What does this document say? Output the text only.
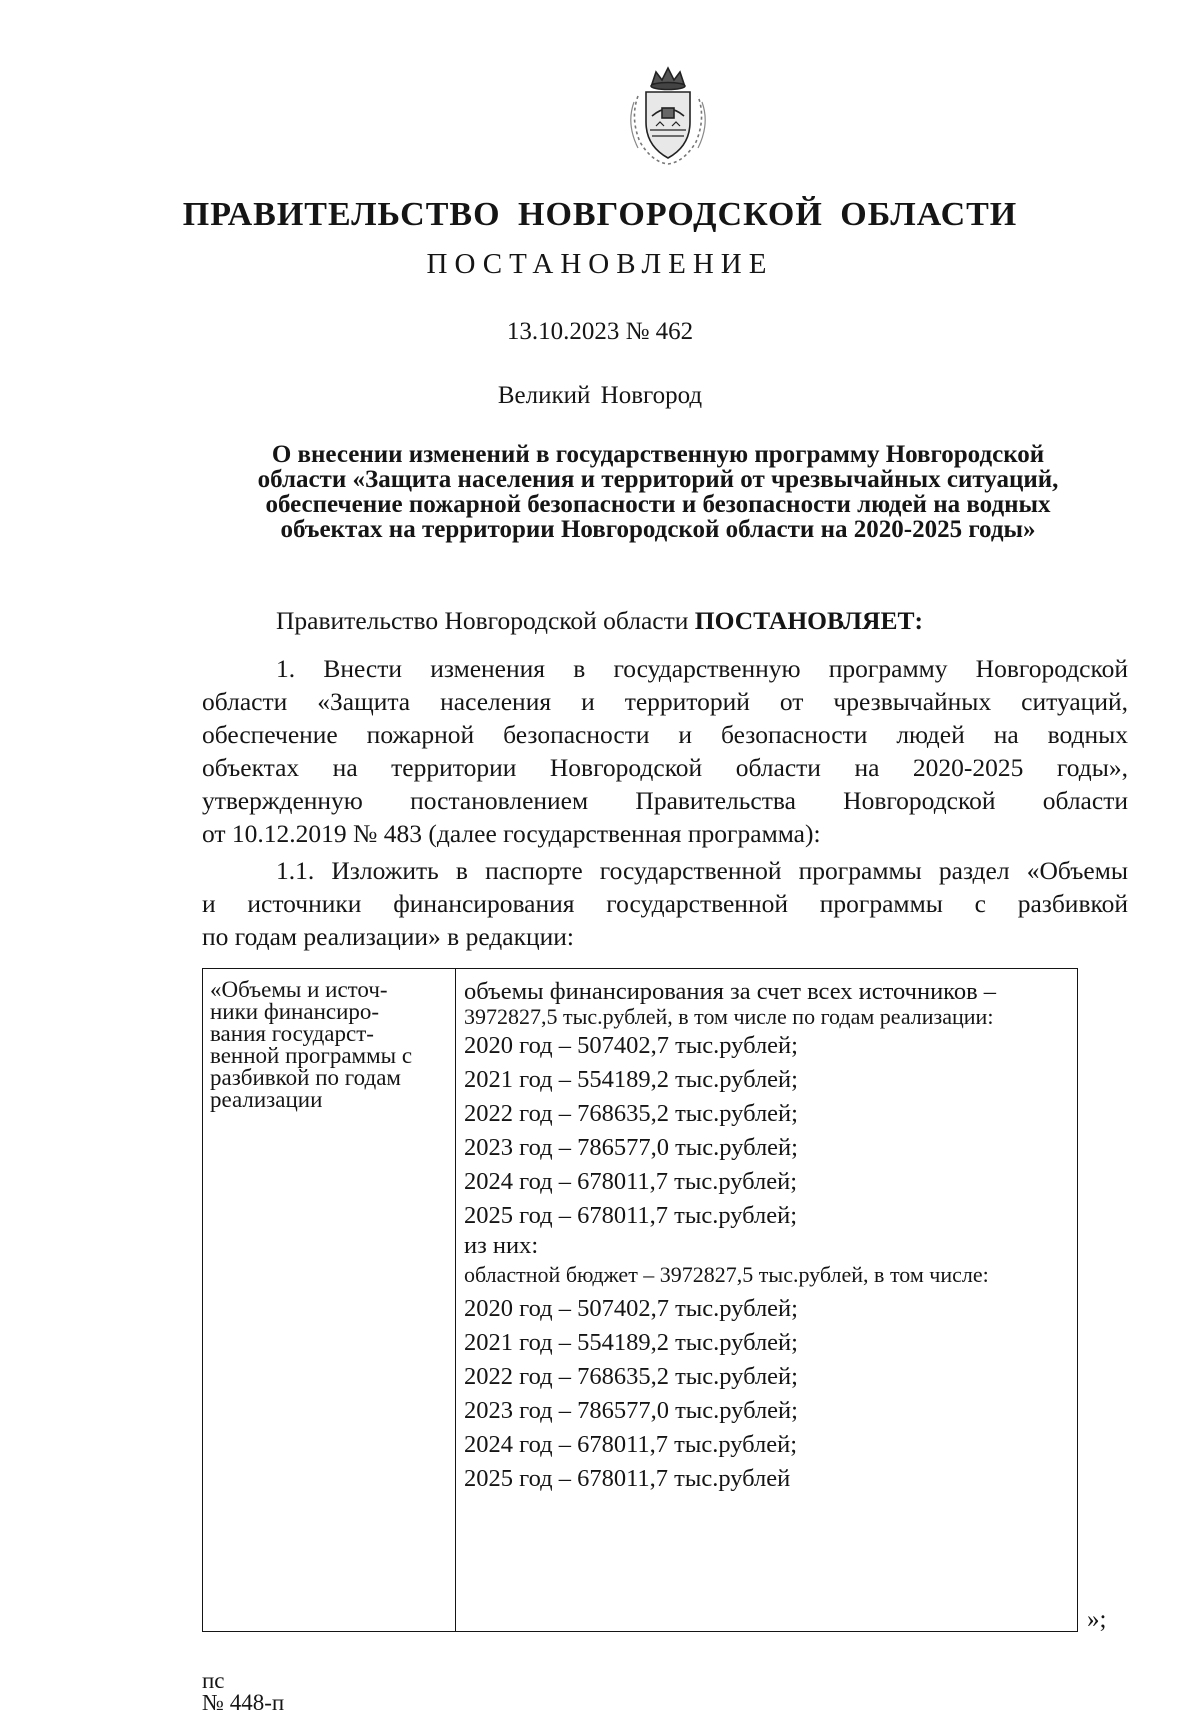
ПРАВИТЕЛЬСТВО НОВГОРОДСКОЙ ОБЛАСТИ
ПОСТАНОВЛЕНИЕ
13.10.2023 № 462
Великий Новгород
О внесении изменений в государственную программу Новгородской
области «Защита населения и территорий от чрезвычайных ситуаций,
обеспечение пожарной безопасности и безопасности людей на водных
объектах на территории Новгородской области на 2020-2025 годы»
Правительство Новгородской области ПОСТАНОВЛЯЕТ:
1. Внести изменения в государственную программу Новгородской
области «Защита населения и территорий от чрезвычайных ситуаций,
обеспечение пожарной безопасности и безопасности людей на водных
объектах на территории Новгородской области на 2020-2025 годы»,
утвержденную постановлением Правительства Новгородской области
от 10.12.2019 № 483 (далее государственная программа):
1.1. Изложить в паспорте государственной программы раздел «Объемы
и источники финансирования государственной программы с разбивкой
по годам реализации» в редакции:
«Объемы и источ-
ники финансиро-
вания государст-
венной программы с
разбивкой по годам
реализации
объемы финансирования за счет всех источников –
3972827,5 тыс.рублей, в том числе по годам реализации:
2020 год – 507402,7 тыс.рублей;
2021 год – 554189,2 тыс.рублей;
2022 год – 768635,2 тыс.рублей;
2023 год – 786577,0 тыс.рублей;
2024 год – 678011,7 тыс.рублей;
2025 год – 678011,7 тыс.рублей;
из них:
областной бюджет – 3972827,5 тыс.рублей, в том числе:
2020 год – 507402,7 тыс.рублей;
2021 год – 554189,2 тыс.рублей;
2022 год – 768635,2 тыс.рублей;
2023 год – 786577,0 тыс.рублей;
2024 год – 678011,7 тыс.рублей;
2025 год – 678011,7 тыс.рублей
»;
пс
№ 448-п
